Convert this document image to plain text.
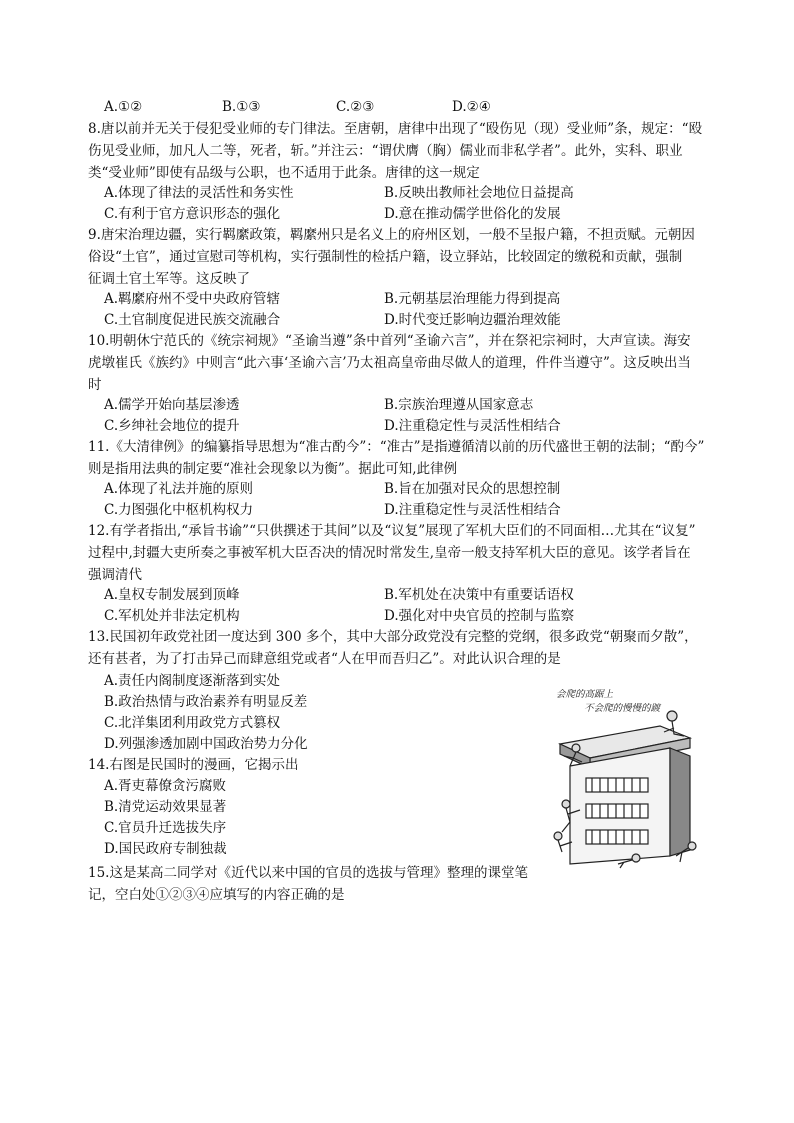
A.①②	B.①③	C.②③	D.②④
8.唐以前并无关于侵犯受业师的专门律法。至唐朝，唐律中出现了“殴伤见（现）受业师”条，规定：“殴
伤见受业师，加凡人二等，死者，斩。”并注云：“谓伏膺（胸）儒业而非私学者”。此外，实科、职业
类“受业师”即使有品级与公职，也不适用于此条。唐律的这一规定
A.体现了律法的灵活性和务实性	B.反映出教师社会地位日益提高
C.有利于官方意识形态的强化	D.意在推动儒学世俗化的发展
9.唐宋治理边疆，实行羁縻政策，羁縻州只是名义上的府州区划，一般不呈报户籍，不担贡赋。元朝因
俗设“土官”，通过宣慰司等机构，实行强制性的检括户籍，设立驿站，比较固定的缴税和贡献，强制
征调土官土军等。这反映了
A.羁縻府州不受中央政府管辖	B.元朝基层治理能力得到提高
C.土官制度促进民族交流融合	D.时代变迁影响边疆治理效能
10.明朝休宁范氏的《统宗祠规》“圣谕当遵”条中首列“圣谕六言”，并在祭祀宗祠时，大声宣读。海安
虎墩崔氏《族约》中则言“此六事‘圣谕六言’乃太祖高皇帝曲尽做人的道理，件件当遵守”。这反映出当
时
A.儒学开始向基层渗透	B.宗族治理遵从国家意志
C.乡绅社会地位的提升	D.注重稳定性与灵活性相结合
11.《大清律例》的编纂指导思想为“准古酌今”：“准古”是指遵循清以前的历代盛世王朝的法制；“酌今”
则是指用法典的制定要“准社会现象以为衡”。据此可知,此律例
A.体现了礼法并施的原则	B.旨在加强对民众的思想控制
C.力图强化中枢机构权力	D.注重稳定性与灵活性相结合
12.有学者指出,“承旨书谕”“只供撰述于其间”以及“议复”展现了军机大臣们的不同面相…尤其在“议复”
过程中,封疆大吏所奏之事被军机大臣否决的情况时常发生,皇帝一般支持军机大臣的意见。该学者旨在
强调清代
A.皇权专制发展到顶峰	B.军机处在决策中有重要话语权
C.军机处并非法定机构	D.强化对中央官员的控制与监察
13.民国初年政党社团一度达到 300 多个，其中大部分政党没有完整的党纲，很多政党“朝聚而夕散”，
还有甚者，为了打击异己而肆意组党或者“人在甲而吾归乙”。对此认识合理的是
A.责任内阁制度逐渐落到实处
B.政治热情与政治素养有明显反差
C.北洋集团利用政党方式篡权
D.列强渗透加剧中国政治势力分化
14.右图是民国时的漫画，它揭示出
A.胥吏幕僚贪污腐败
B.清党运动效果显著
C.官员升迁选拔失序
D.国民政府专制独裁
15.这是某高二同学对《近代以来中国的官员的选拔与管理》整理的课堂笔
记，空白处①②③④应填写的内容正确的是
会爬的高踞上
不会爬的慢慢的踱
